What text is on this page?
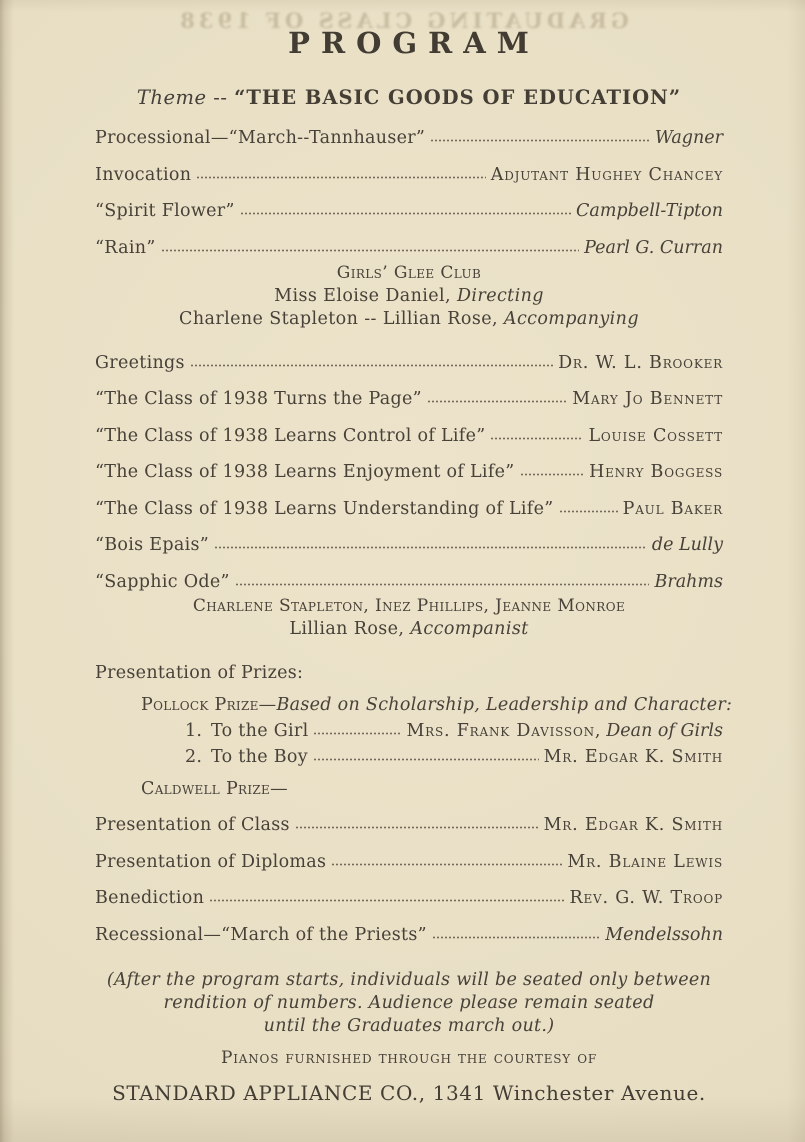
GRADUATING CLASS OF 1938
PROGRAM
Theme -- “THE BASIC GOODS OF EDUCATION”
Processional—“March--Tannhauser”	Wagner
Invocation	Adjutant Hughey Chancey
“Spirit Flower”	Campbell-Tipton
“Rain”	Pearl G. Curran
Girls’ Glee Club
Miss Eloise Daniel, Directing
Charlene Stapleton -- Lillian Rose, Accompanying
Greetings	Dr. W. L. Brooker
“The Class of 1938 Turns the Page”	Mary Jo Bennett
“The Class of 1938 Learns Control of Life”	Louise Cossett
“The Class of 1938 Learns Enjoyment of Life”	Henry Boggess
“The Class of 1938 Learns Understanding of Life”	Paul Baker
“Bois Epais”	de Lully
“Sapphic Ode”	Brahms
Charlene Stapleton, Inez Phillips, Jeanne Monroe
Lillian Rose, Accompanist
Presentation of Prizes:
Pollock Prize— Based on Scholarship, Leadership and Character:
1. To the Girl	Mrs. Frank Davisson, Dean of Girls
2. To the Boy	Mr. Edgar K. Smith
Caldwell Prize—
Presentation of Class	Mr. Edgar K. Smith
Presentation of Diplomas	Mr. Blaine Lewis
Benediction	Rev. G. W. Troop
Recessional—“March of the Priests”	Mendelssohn
(After the program starts, individuals will be seated only between
rendition of numbers. Audience please remain seated
until the Graduates march out.)
Pianos furnished through the courtesy of
STANDARD APPLIANCE CO., 1341 Winchester Avenue.
